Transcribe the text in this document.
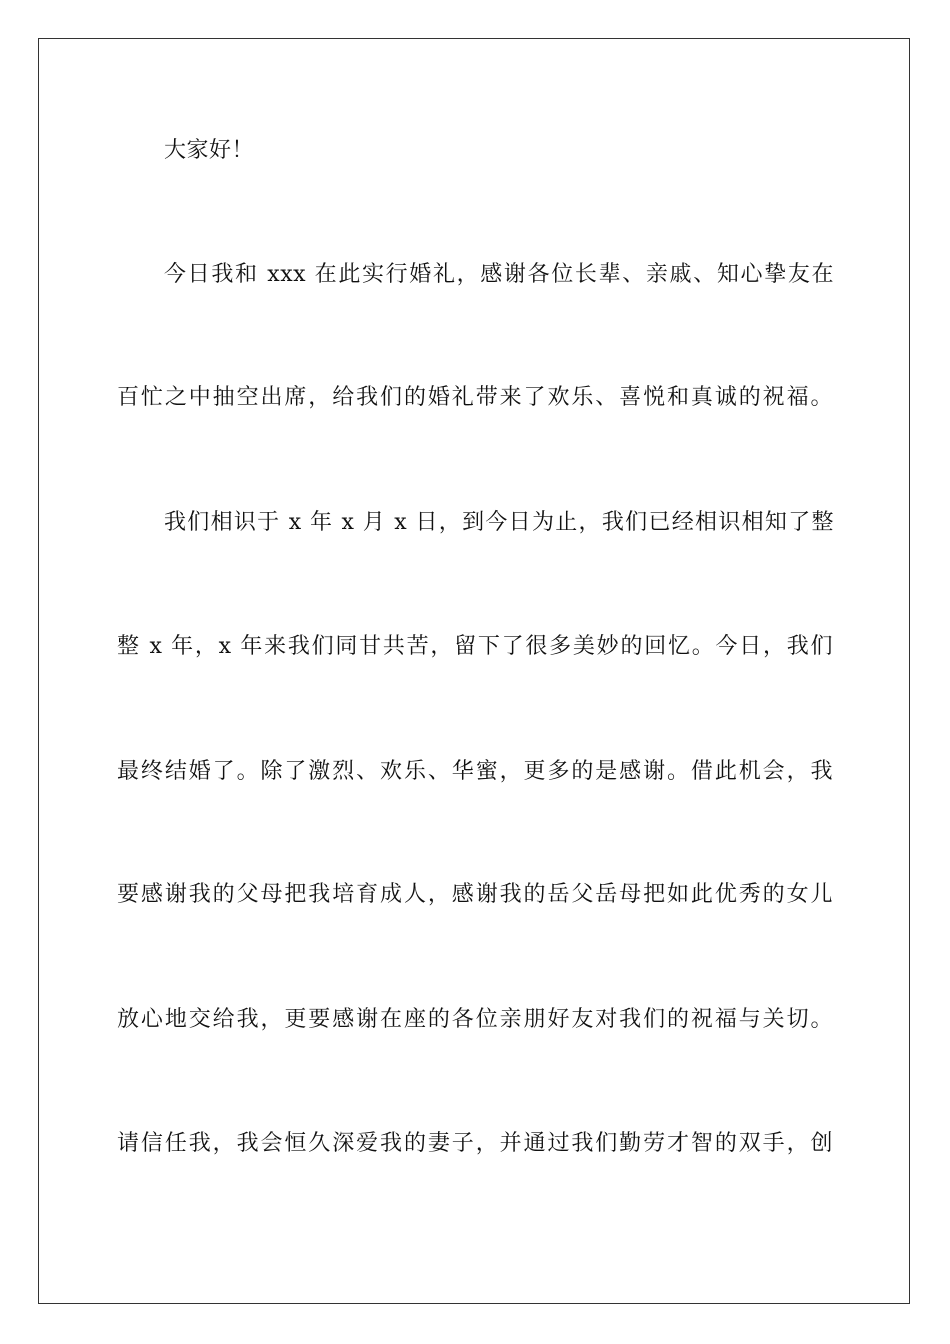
大家好！
今日我和 xxx 在此实行婚礼，感谢各位长辈、亲戚、知心挚友在
百忙之中抽空出席，给我们的婚礼带来了欢乐、喜悦和真诚的祝福。
我们相识于 x 年 x 月 x 日，到今日为止，我们已经相识相知了整
整 x 年，x 年来我们同甘共苦，留下了很多美妙的回忆。今日，我们
最终结婚了。除了激烈、欢乐、华蜜，更多的是感谢。借此机会，我
要感谢我的父母把我培育成人，感谢我的岳父岳母把如此优秀的女儿
放心地交给我，更要感谢在座的各位亲朋好友对我们的祝福与关切。
请信任我，我会恒久深爱我的妻子，并通过我们勤劳才智的双手，创
